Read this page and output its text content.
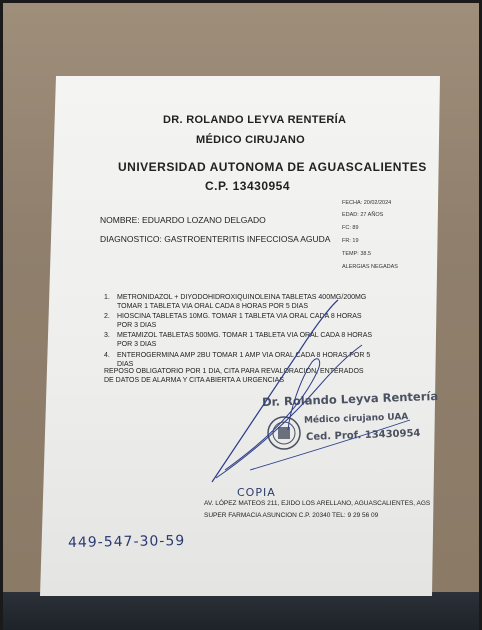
DR. ROLANDO LEYVA RENTERÍA
MÉDICO CIRUJANO
UNIVERSIDAD AUTONOMA DE AGUASCALIENTES
C.P. 13430954
FECHA: 20/02/2024
EDAD: 27 AÑOS
FC: 89
FR: 19
TEMP: 38.5
ALERGIAS NEGADAS
NOMBRE: EDUARDO LOZANO DELGADO
DIAGNOSTICO: GASTROENTERITIS INFECCIOSA AGUDA
1. METRONIDAZOL + DIYODOHIDROXIQUINOLEINA TABLETAS 400MG/200MG TOMAR 1 TABLETA VIA ORAL CADA 8 HORAS POR 5 DIAS
2. HIOSCINA TABLETAS 10MG. TOMAR 1 TABLETA VIA ORAL CADA 8 HORAS POR 3 DIAS
3. METAMIZOL TABLETAS 500MG. TOMAR 1 TABLETA VIA ORAL CADA 8 HORAS POR 3 DIAS
4. ENTEROGERMINA AMP 2BU TOMAR 1 AMP VIA ORAL CADA 8 HORAS POR 5 DIAS
REPOSO OBLIGATORIO POR 1 DIA, CITA PARA REVALORACION, ENTERADOS DE DATOS DE ALARMA Y CITA ABIERTA A URGENCIAS
Dr. Rolando Leyva Rentería
Médico cirujano UAA
Ced. Prof. 13430954
COPIA
449-547-30-59
AV. LÓPEZ MATEOS 211, EJIDO LOS ARELLANO, AGUASCALIENTES, AGS
SUPER FARMACIA ASUNCION C.P. 20340 TEL: 9 29 56 09
